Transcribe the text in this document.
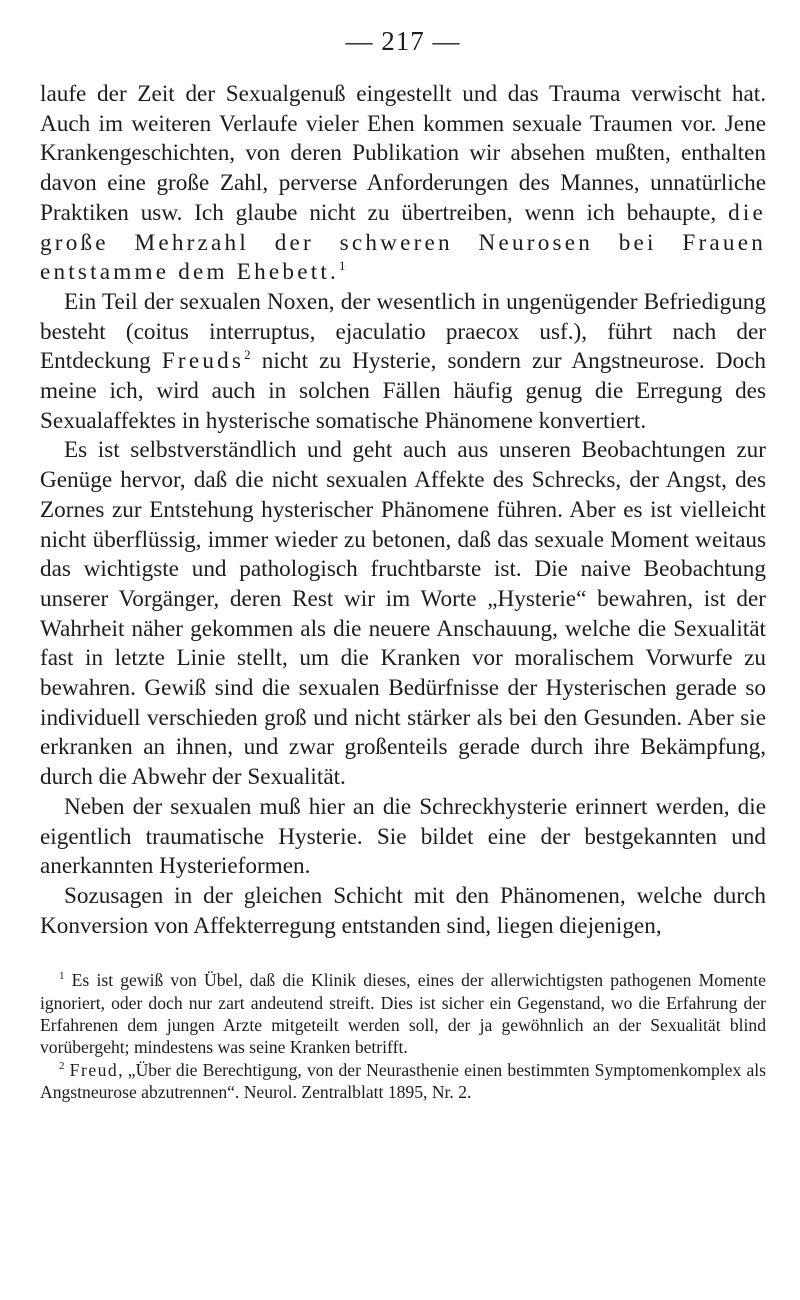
— 217 —

laufe der Zeit der Sexualgenuß eingestellt und das Trauma verwischt hat. Auch im weiteren Verlaufe vieler Ehen kommen sexuale Traumen vor. Jene Krankengeschichten, von deren Publikation wir absehen mußten, enthalten davon eine große Zahl, perverse Anforderungen des Mannes, unnatürliche Praktiken usw. Ich glaube nicht zu übertreiben, wenn ich behaupte, die große Mehrzahl der schweren Neurosen bei Frauen entstamme dem Ehebett.$^1$

Ein Teil der sexualen Noxen, der wesentlich in ungenügender Befriedigung besteht (coitus interruptus, ejaculatio praecox usf.), führt nach der Entdeckung Freuds$^2$ nicht zu Hysterie, sondern zur Angstneurose. Doch meine ich, wird auch in solchen Fällen häufig genug die Erregung des Sexualaffektes in hysterische somatische Phänomene konvertiert.

Es ist selbstverständlich und geht auch aus unseren Beobachtungen zur Genüge hervor, daß die nicht sexualen Affekte des Schrecks, der Angst, des Zornes zur Entstehung hysterischer Phänomene führen. Aber es ist vielleicht nicht überflüssig, immer wieder zu betonen, daß das sexuale Moment weitaus das wichtigste und pathologisch fruchtbarste ist. Die naive Beobachtung unserer Vorgänger, deren Rest wir im Worte „Hysterie“ bewahren, ist der Wahrheit näher gekommen als die neuere Anschauung, welche die Sexualität fast in letzte Linie stellt, um die Kranken vor moralischem Vorwurfe zu bewahren. Gewiß sind die sexualen Bedürfnisse der Hysterischen gerade so individuell verschieden groß und nicht stärker als bei den Gesunden. Aber sie erkranken an ihnen, und zwar großenteils gerade durch ihre Bekämpfung, durch die Abwehr der Sexualität.

Neben der sexualen muß hier an die Schreckhysterie erinnert werden, die eigentlich traumatische Hysterie. Sie bildet eine der bestgekannten und anerkannten Hysterieformen.

Sozusagen in der gleichen Schicht mit den Phänomenen, welche durch Konversion von Affekterregung entstanden sind, liegen diejenigen,

$^1$ Es ist gewiß von Übel, daß die Klinik dieses, eines der allerwichtigsten pathogenen Momente ignoriert, oder doch nur zart andeutend streift. Dies ist sicher ein Gegenstand, wo die Erfahrung der Erfahrenen dem jungen Arzte mitgeteilt werden soll, der ja gewöhnlich an der Sexualität blind vorübergeht; mindestens was seine Kranken betrifft.

$^2$ Freud, „Über die Berechtigung, von der Neurasthenie einen bestimmten Symptomenkomplex als Angstneurose abzutrennen“. Neurol. Zentralblatt 1895, Nr. 2.
